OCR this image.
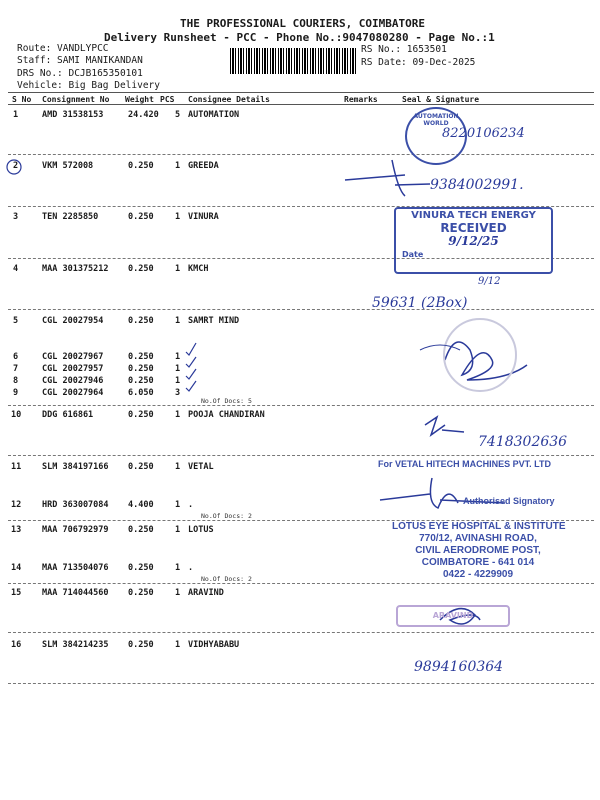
THE PROFESSIONAL COURIERS, COIMBATORE
Delivery Runsheet - PCC - Phone No.:9047080280 - Page No.:1
Route: VANDLYPCC
Staff: SAMI MANIKANDAN
DRS No.: DCJB165350101
Vehicle: Big Bag Delivery
RS No.: 1653501
RS Date: 09-Dec-2025
S No Consignment No Weight PCS Consignee Details	Remarks	Seal & Signature
1	AMD 31538153	24.420 5 AUTOMATION
2	VKM 572008	0.250	1 GREEDA
3	TEN 2285850	0.250	1 VINURA
4	MAA 301375212 0.250	1 KMCH
5	CGL 20027954	0.250	1 SAMRT MIND
6	CGL 20027967	0.250	1
7	CGL 20027957	0.250	1
8	CGL 20027946	0.250	1
9	CGL 20027964	6.050	3
No.Of Docs: 5
10 DDG 616861	0.250	1 POOJA CHANDIRAN
11 SLM 384197166 0.250	1 VETAL
12 HRD 363007084 4.400	1 .
No.Of Docs: 2
13 MAA 706792979 0.250	1 LOTUS
14 MAA 713504076 0.250	1 .
No.Of Docs: 2
15 MAA 714044560 0.250	1 ARAVIND
16 SLM 384214235 0.250	1 VIDHYABABU
AUTOMATION WORLD
8220106234
9384002991.
VINURA TECH ENERGY
RECEIVED
9/12/25
Date
9/12
59631 (2Box)
7418302636
For VETAL HITECH MACHINES PVT. LTD
Authorised Signatory
LOTUS EYE HOSPITAL & INSTITUTE
770/12, AVINASHI ROAD,
CIVIL AERODROME POST,
COIMBATORE - 641 014
0422 - 4229909
ARAVIND
9894160364
